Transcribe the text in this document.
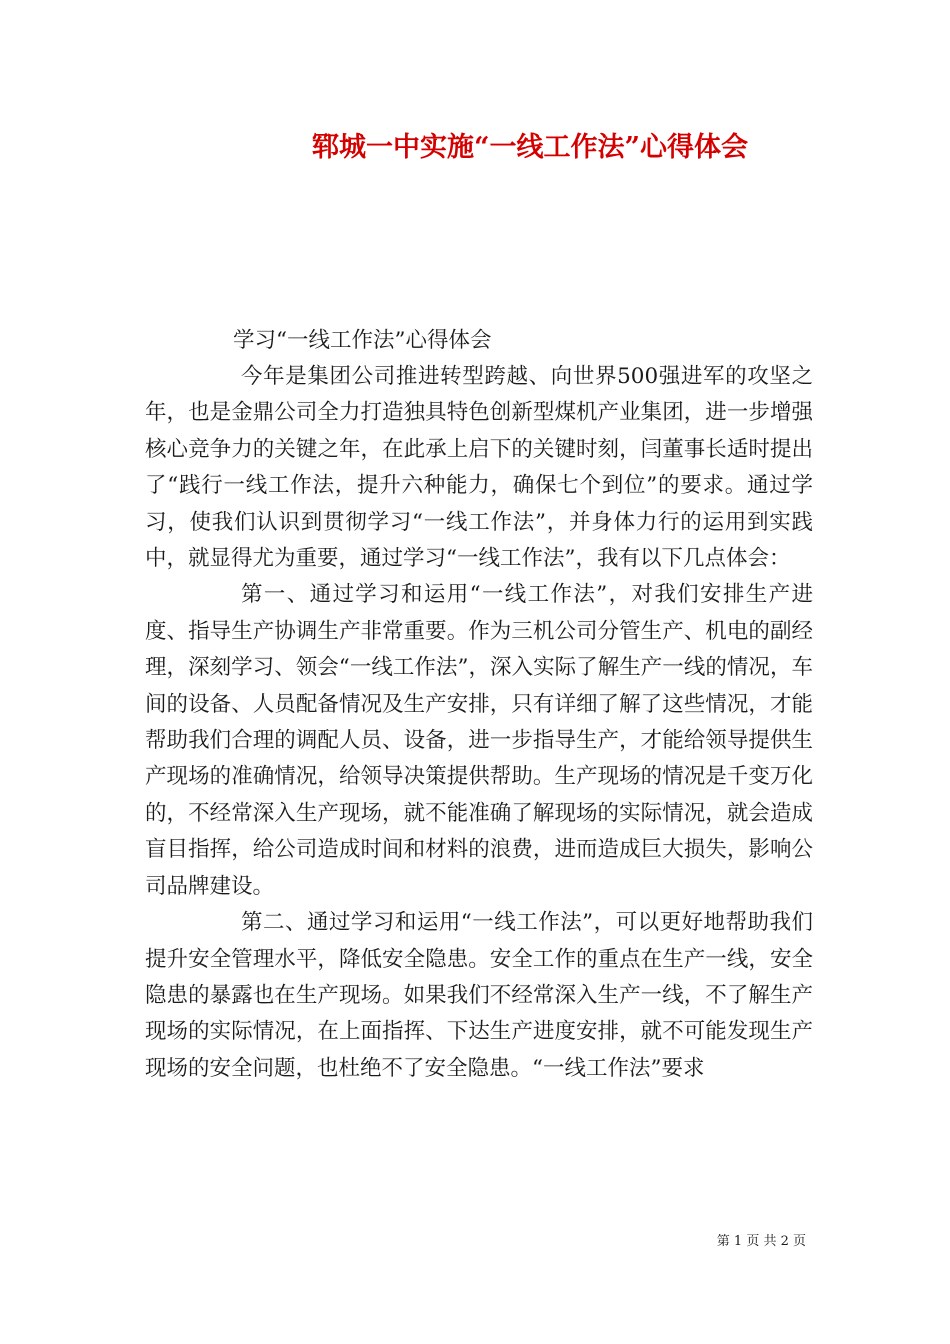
郓城一中实施“一线工作法”心得体会
学习“一线工作法”心得体会

今年是集团公司推进转型跨越、向世界500强进军的攻坚之年，也是金鼎公司全力打造独具特色创新型煤机产业集团，进一步增强核心竞争力的关键之年，在此承上启下的关键时刻，闫董事长适时提出了“践行一线工作法，提升六种能力，确保七个到位”的要求。通过学习，使我们认识到贯彻学习“一线工作法”，并身体力行的运用到实践中，就显得尤为重要，通过学习“一线工作法”，我有以下几点体会：

第一、通过学习和运用“一线工作法”，对我们安排生产进度、指导生产协调生产非常重要。作为三机公司分管生产、机电的副经理，深刻学习、领会“一线工作法”，深入实际了解生产一线的情况，车间的设备、人员配备情况及生产安排，只有详细了解了这些情况，才能帮助我们合理的调配人员、设备，进一步指导生产，才能给领导提供生产现场的准确情况，给领导决策提供帮助。生产现场的情况是千变万化的，不经常深入生产现场，就不能准确了解现场的实际情况，就会造成盲目指挥，给公司造成时间和材料的浪费，进而造成巨大损失，影响公司品牌建设。

第二、通过学习和运用“一线工作法”，可以更好地帮助我们提升安全管理水平，降低安全隐患。安全工作的重点在生产一线，安全隐患的暴露也在生产现场。如果我们不经常深入生产一线，不了解生产现场的实际情况，在上面指挥、下达生产进度安排，就不可能发现生产现场的安全问题，也杜绝不了安全隐患。“一线工作法”要求

第 1 页 共 2 页
